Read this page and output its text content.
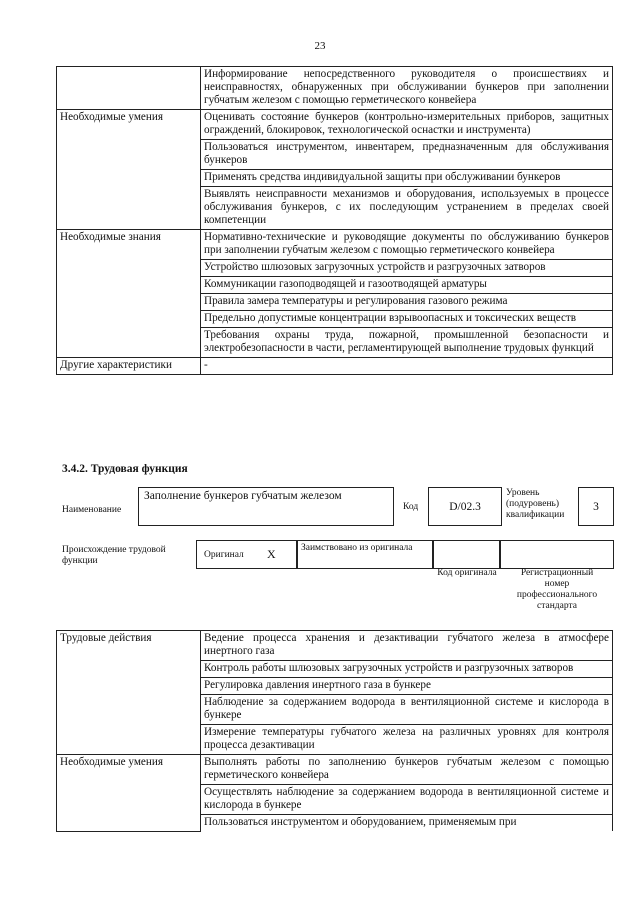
23
	Информирование непосредственного руководителя о происшествиях и неисправностях, обнаруженных при обслуживании бункеров при заполнении губчатым железом с помощью герметического конвейера
Необходимые умения	Оценивать состояние бункеров (контрольно-измерительных приборов, защитных ограждений, блокировок, технологической оснастки и инструмента)
	Пользоваться инструментом, инвентарем, предназначенным для обслуживания бункеров
	Применять средства индивидуальной защиты при обслуживании бункеров
	Выявлять неисправности механизмов и оборудования, используемых в процессе обслуживания бункеров, с их последующим устранением в пределах своей компетенции
Необходимые знания	Нормативно-технические и руководящие документы по обслуживанию бункеров при заполнении губчатым железом с помощью герметического конвейера
	Устройство шлюзовых загрузочных устройств и разгрузочных затворов
	Коммуникации газоподводящей и газоотводящей арматуры
	Правила замера температуры и регулирования газового режима
	Предельно допустимые концентрации взрывоопасных и токсических веществ
	Требования охраны труда, пожарной, промышленной безопасности и электробезопасности в части, регламентирующей выполнение трудовых функций
Другие характеристики	-
3.4.2. Трудовая функция
Наименование
Заполнение бункеров губчатым железом
Код	D/02.3
Уровень (подуровень) квалификации
3
Происхождение трудовой функции
Оригинал X	Заимствовано из оригинала
Код оригинала	Регистрационный номер профессионального стандарта
Трудовые действия	Ведение процесса хранения и дезактивации губчатого железа в атмосфере инертного газа
	Контроль работы шлюзовых загрузочных устройств и разгрузочных затворов
	Регулировка давления инертного газа в бункере
	Наблюдение за содержанием водорода в вентиляционной системе и кислорода в бункере
	Измерение температуры губчатого железа на различных уровнях для контроля процесса дезактивации
Необходимые умения	Выполнять работы по заполнению бункеров губчатым железом с помощью герметического конвейера
	Осуществлять наблюдение за содержанием водорода в вентиляционной системе и кислорода в бункере
	Пользоваться инструментом и оборудованием, применяемым при
